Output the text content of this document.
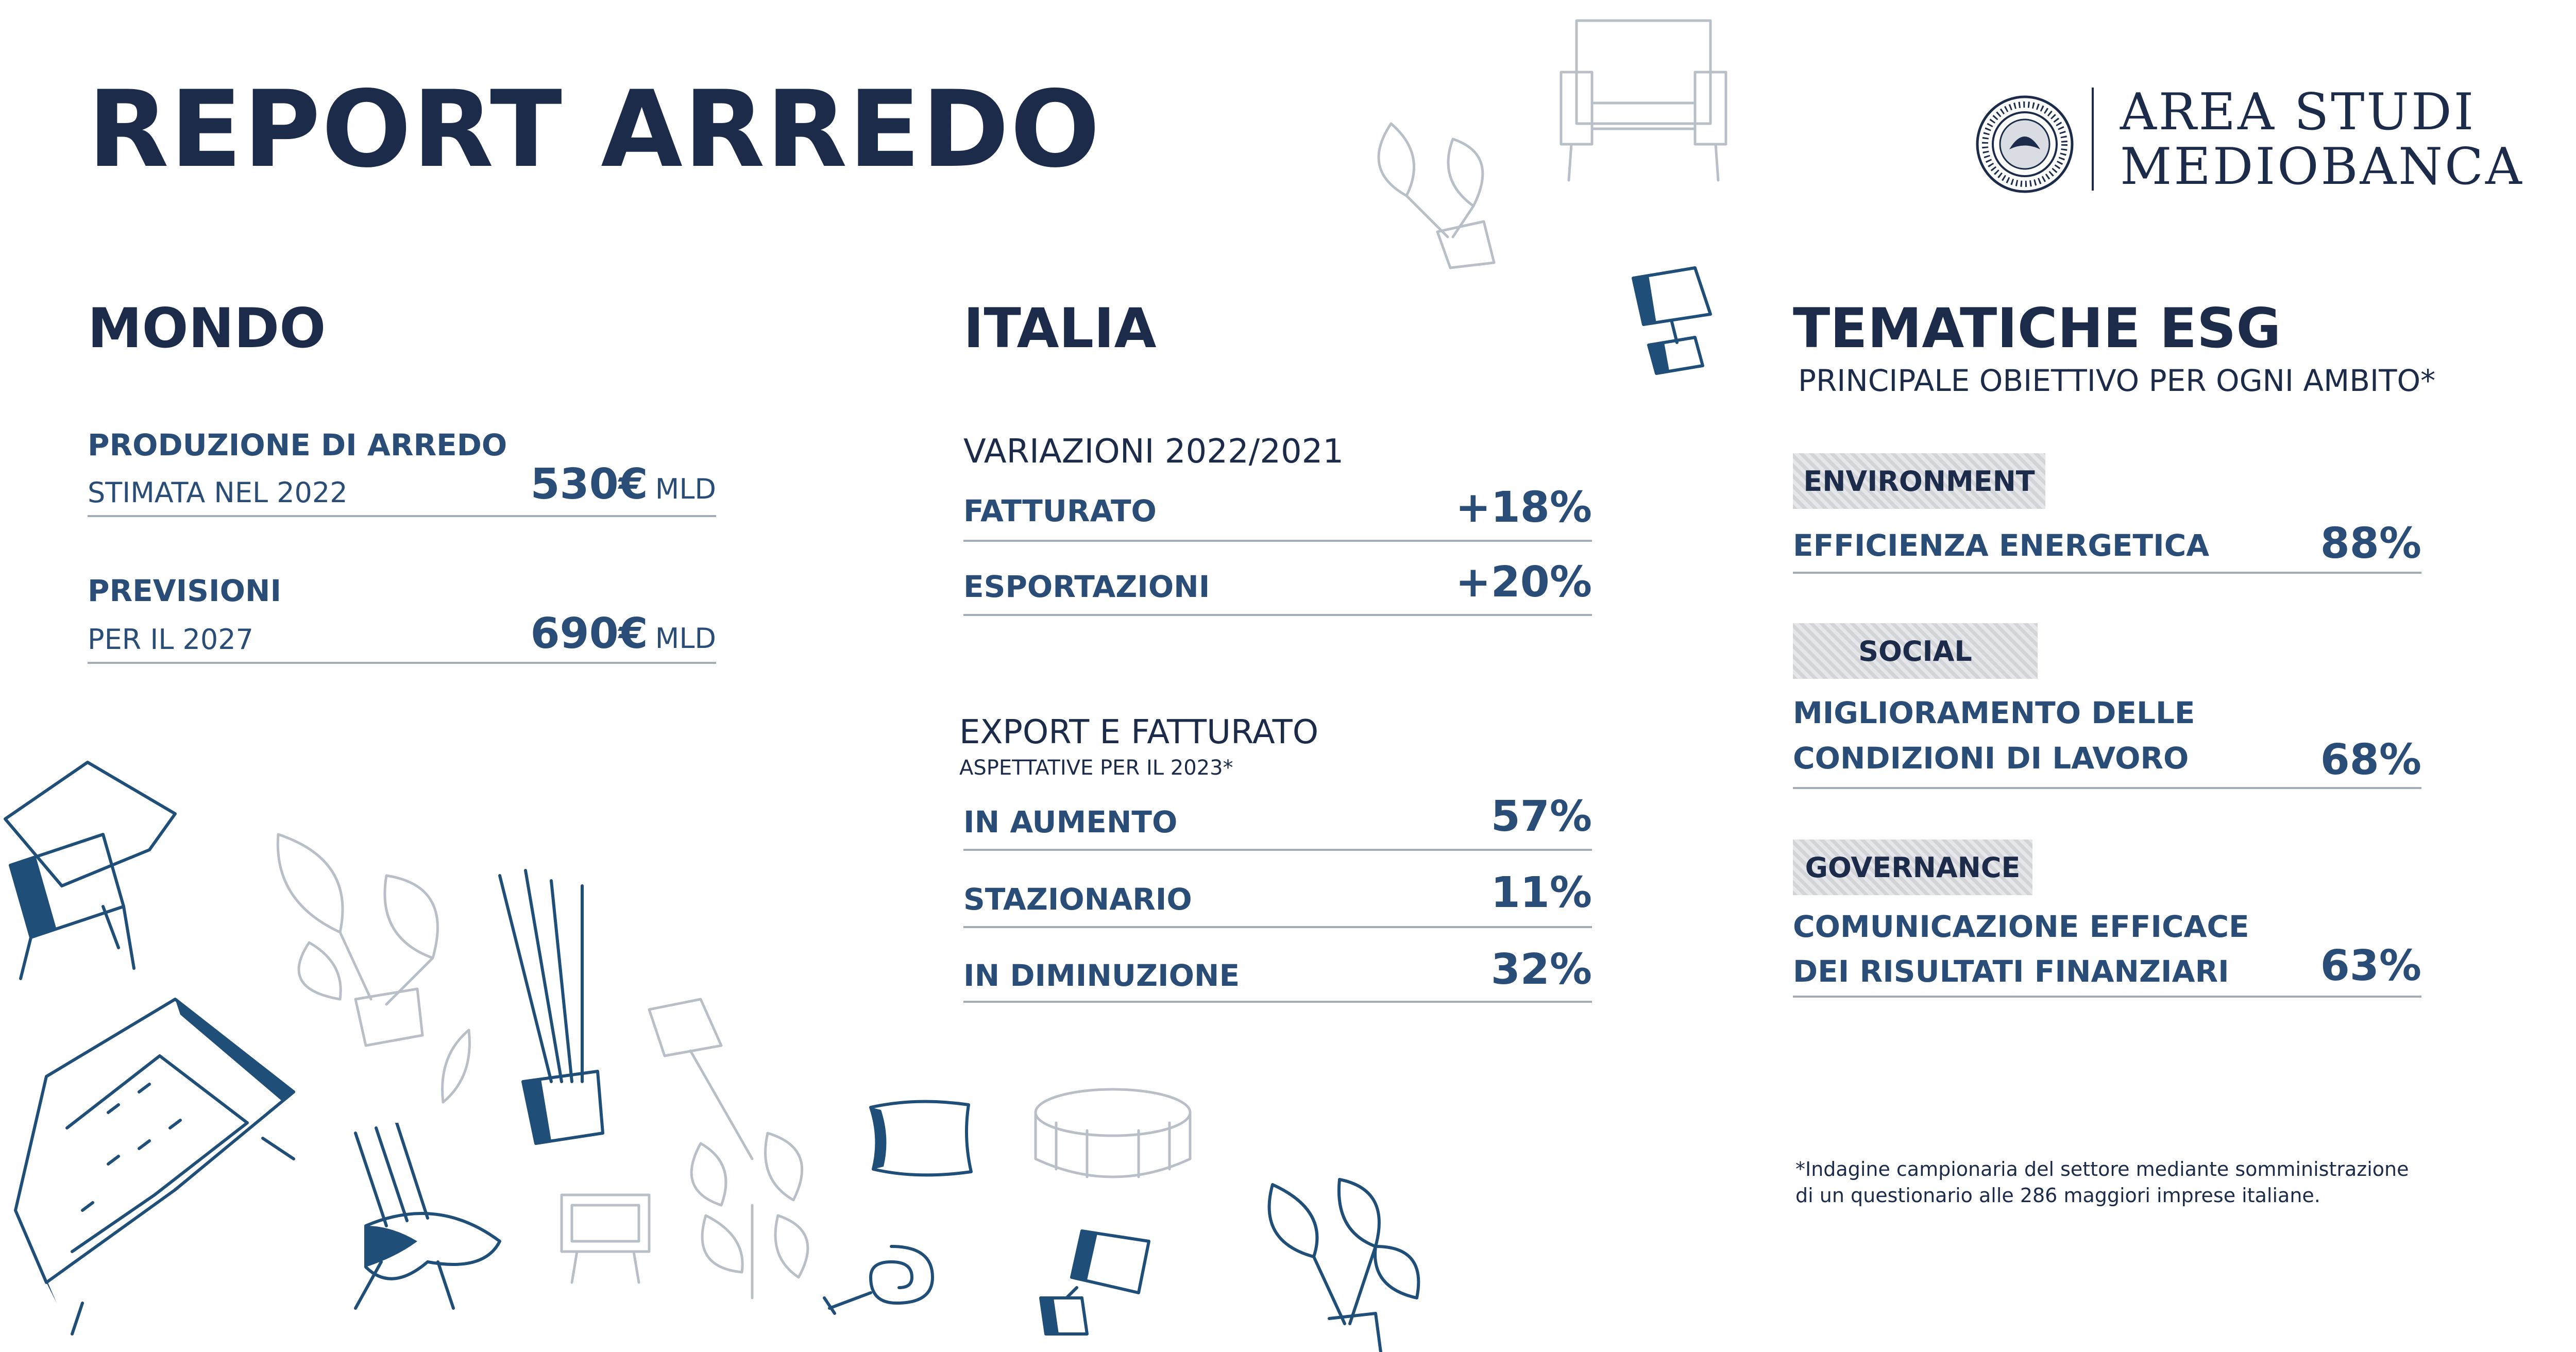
REPORT ARREDO	AREA STUDI
MEDIOBANCA
MONDO
PRODUZIONE DI ARREDO
STIMATA NEL 2022	530€ MLD
PREVISIONI
PER IL 2027	690€ MLD
ITALIA
VARIAZIONI 2022/2021
FATTURATO	+18%
ESPORTAZIONI	+20%
EXPORT E FATTURATO
ASPETTATIVE PER IL 2023*
IN AUMENTO	57%
STAZIONARIO	11%
IN DIMINUZIONE	32%
TEMATICHE ESG
PRINCIPALE OBIETTIVO PER OGNI AMBITO*
ENVIRONMENT
EFFICIENZA ENERGETICA	88%
SOCIAL
MIGLIORAMENTO DELLE
CONDIZIONI DI LAVORO	68%
GOVERNANCE
COMUNICAZIONE EFFICACE
DEI RISULTATI FINANZIARI	63%
*Indagine campionaria del settore mediante somministrazione
di un questionario alle 286 maggiori imprese italiane.
